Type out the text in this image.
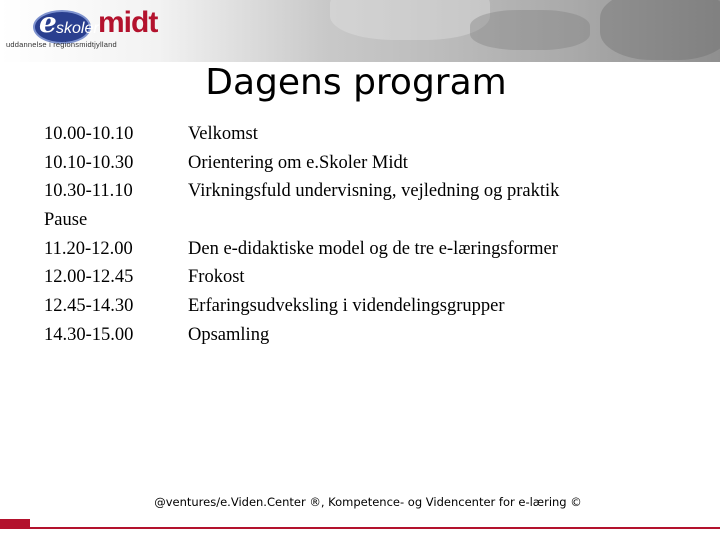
e skoler midt
uddannelse i regionsmidtjylland
Dagens program
10.00-10.10	Velkomst
10.10-10.30	Orientering om e.Skoler Midt
10.30-11.10	Virkningsfuld undervisning, vejledning og praktik
Pause
11.20-12.00	Den e-didaktiske model og de tre e-læringsformer
12.00-12.45	Frokost
12.45-14.30	Erfaringsudveksling i videndelingsgrupper
14.30-15.00	Opsamling
@ventures/e.Viden.Center ®, Kompetence- og Videncenter for e-læring ©
